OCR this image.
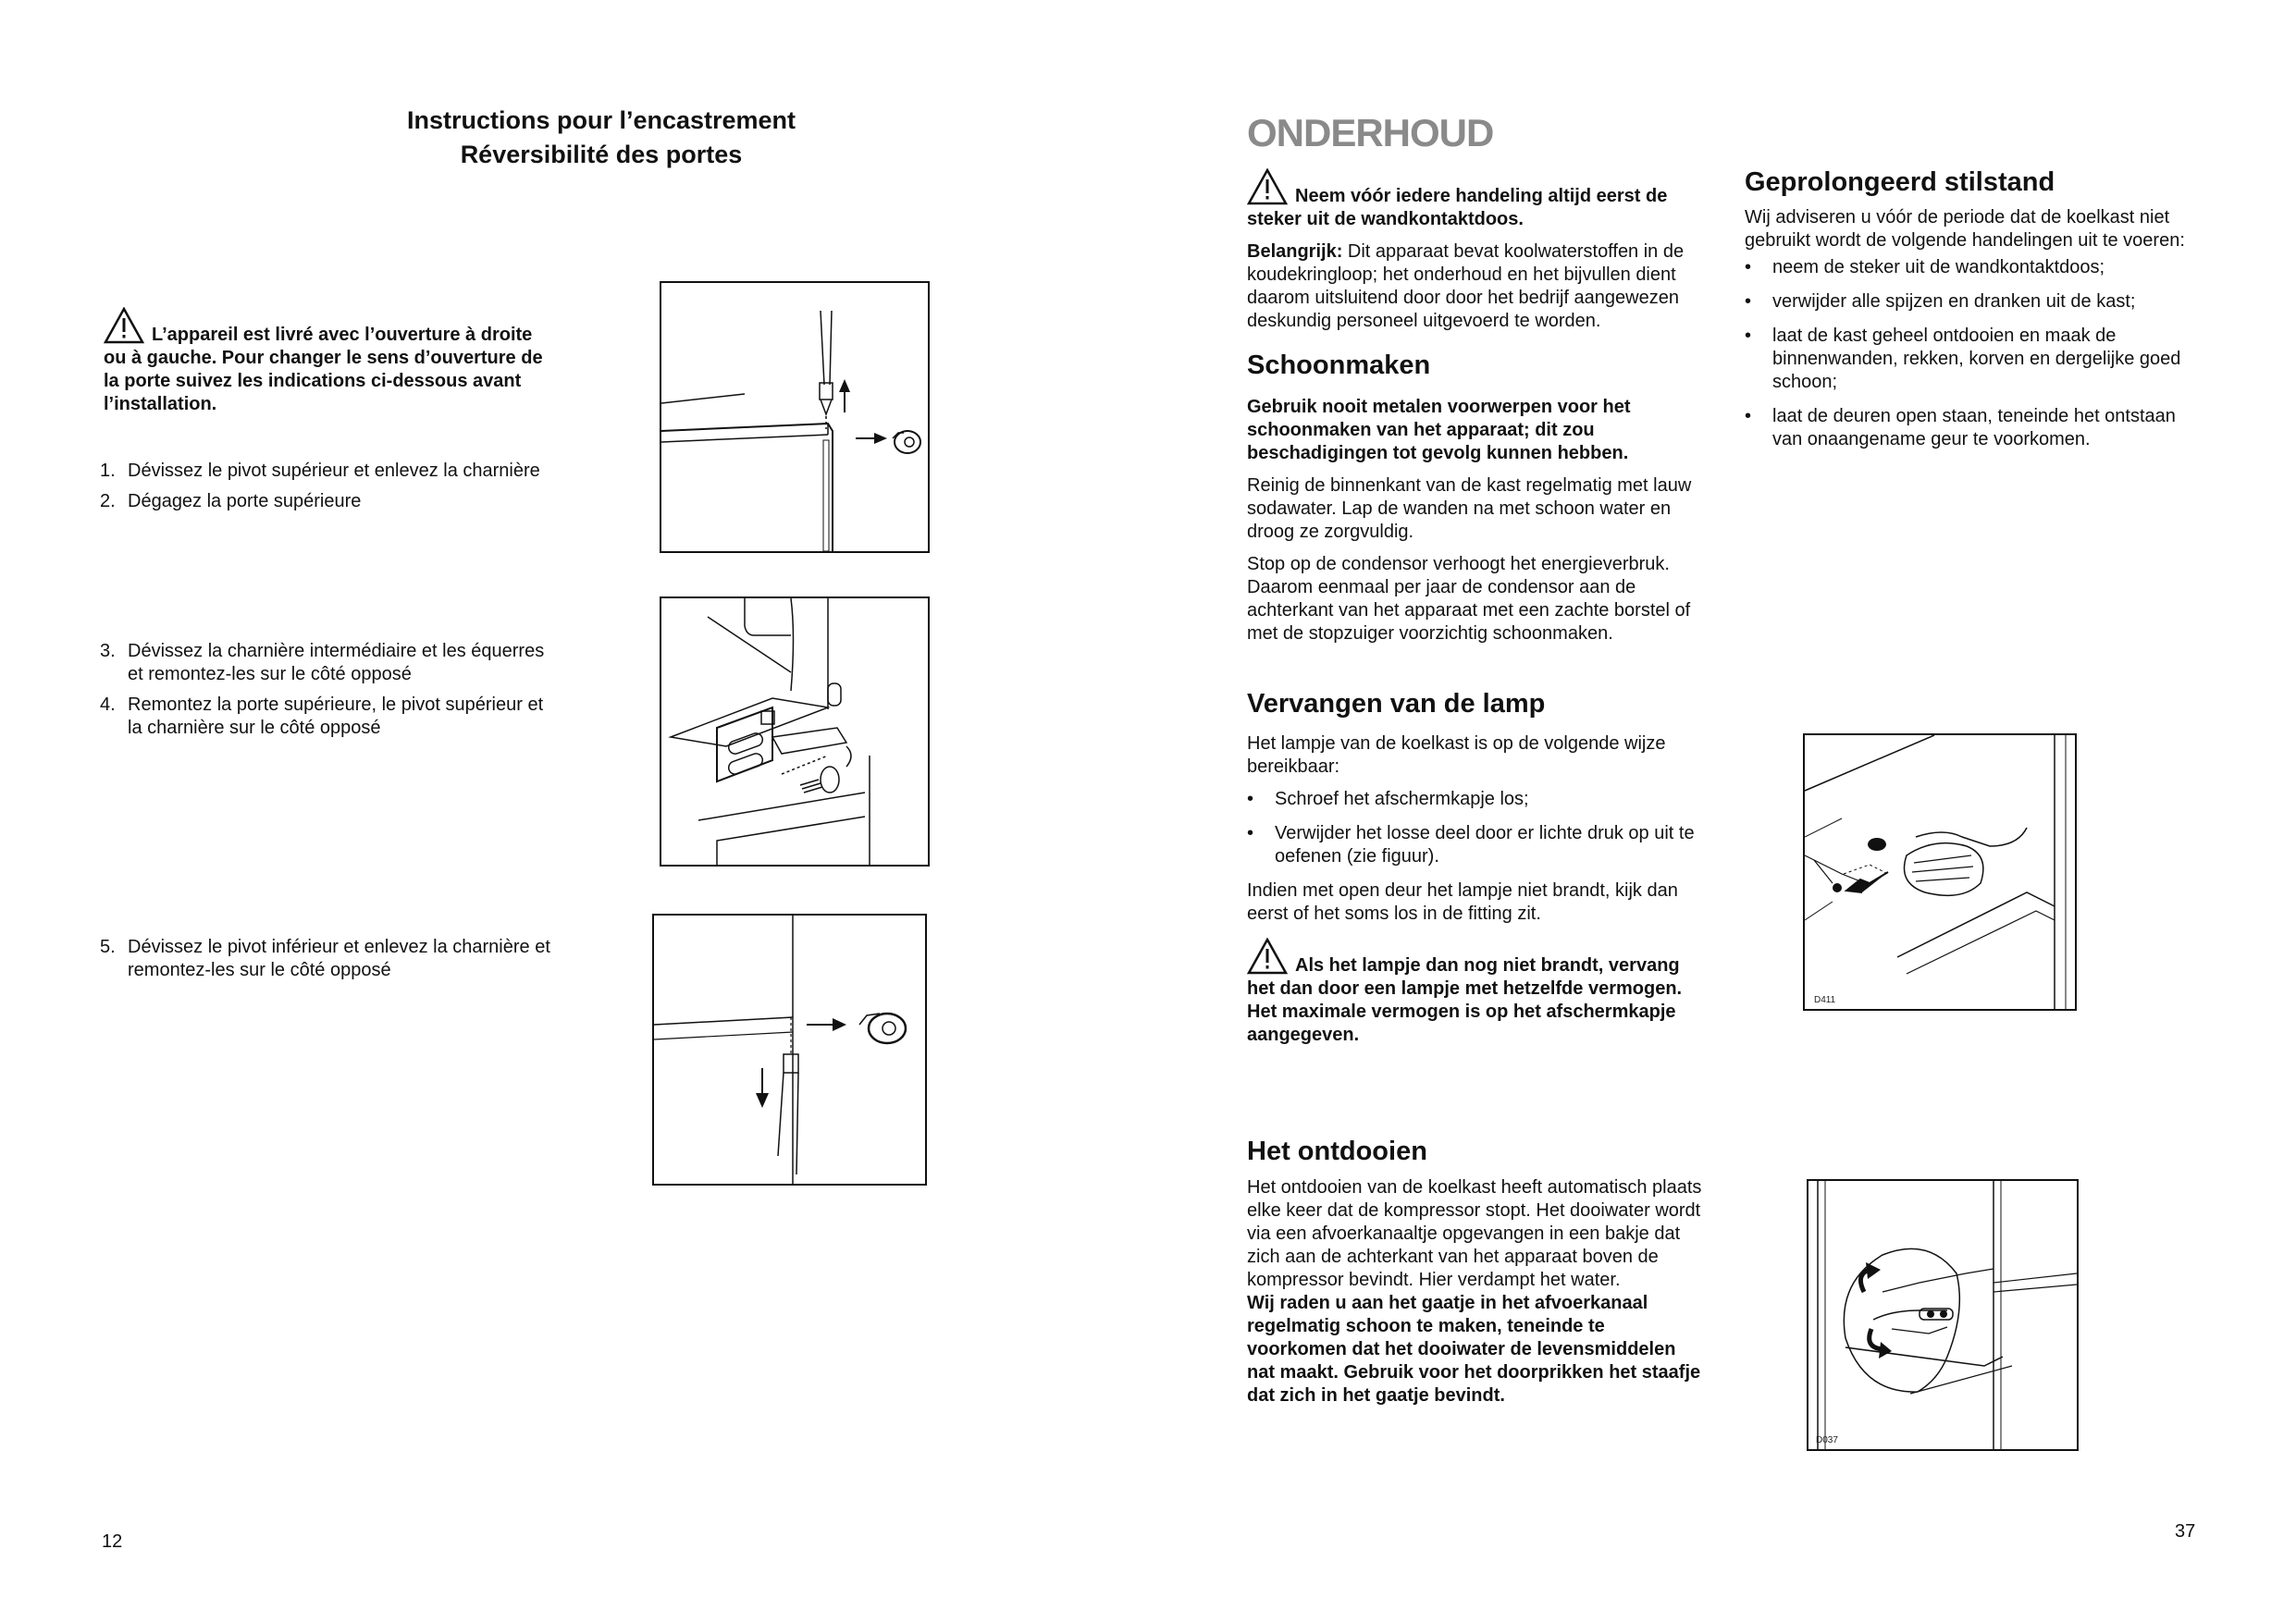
Instructions pour l’encastrement
Réversibilité des portes
L’appareil est livré avec l’ouverture à droite ou à gauche. Pour changer le sens d’ouverture de la porte suivez les indications ci-dessous avant l’installation.
1. Dévissez le pivot supérieur et enlevez la charnière
2. Dégagez la porte supérieure
3. Dévissez la charnière intermédiaire et les équerres et remontez-les sur le côté opposé
4. Remontez la porte supérieure, le pivot supérieur et la charnière sur le côté opposé
5. Dévissez le pivot inférieur et enlevez la charnière et remontez-les sur le côté opposé
12
ONDERHOUD

Neem vóór iedere handeling altijd eerst de steker uit de wandkontaktdoos.

Belangrijk: Dit apparaat bevat koolwaterstoffen in de koudekringloop; het onderhoud en het bijvullen dient daarom uitsluitend door door het bedrijf aangewezen deskundig personeel uitgevoerd te worden.

Schoonmaken

Gebruik nooit metalen voorwerpen voor het schoonmaken van het apparaat; dit zou beschadigingen tot gevolg kunnen hebben.

Reinig de binnenkant van de kast regelmatig met lauw sodawater. Lap de wanden na met schoon water en droog ze zorgvuldig.

Stop op de condensor verhoogt het energieverbruk. Daarom eenmaal per jaar de condensor aan de achterkant van het apparaat met een zachte borstel of met de stopzuiger voorzichtig schoonmaken.

Vervangen van de lamp

Het lampje van de koelkast is op de volgende wijze bereikbaar:

• Schroef het afschermkapje los;
• Verwijder het losse deel door er lichte druk op uit te oefenen (zie figuur).

Indien met open deur het lampje niet brandt, kijk dan eerst of het soms los in de fitting zit.

Als het lampje dan nog niet brandt, vervang het dan door een lampje met hetzelfde vermogen. Het maximale vermogen is op het afschermkapje aangegeven.
Het ontdooien
Het ontdooien van de koelkast heeft automatisch plaats elke keer dat de kompressor stopt. Het dooiwater wordt via een afvoerkanaaltje opgevangen in een bakje dat zich aan de achterkant van het apparaat boven de kompressor bevindt. Hier verdampt het water.
Wij raden u aan het gaatje in het afvoerkanaal regelmatig schoon te maken, teneinde te voorkomen dat het dooiwater de levensmiddelen nat maakt. Gebruik voor het doorprikken het staafje dat zich in het gaatje bevindt.
Geprolongeerd stilstand

Wij adviseren u vóór de periode dat de koelkast niet gebruikt wordt de volgende handelingen uit te voeren:

• neem de steker uit de wandkontaktdoos;
• verwijder alle spijzen en dranken uit de kast;
• laat de kast geheel ontdooien en maak de binnenwanden, rekken, korven en dergelijke goed schoon;
• laat de deuren open staan, teneinde het ontstaan van onaangename geur te voorkomen.
D411
D037
37
